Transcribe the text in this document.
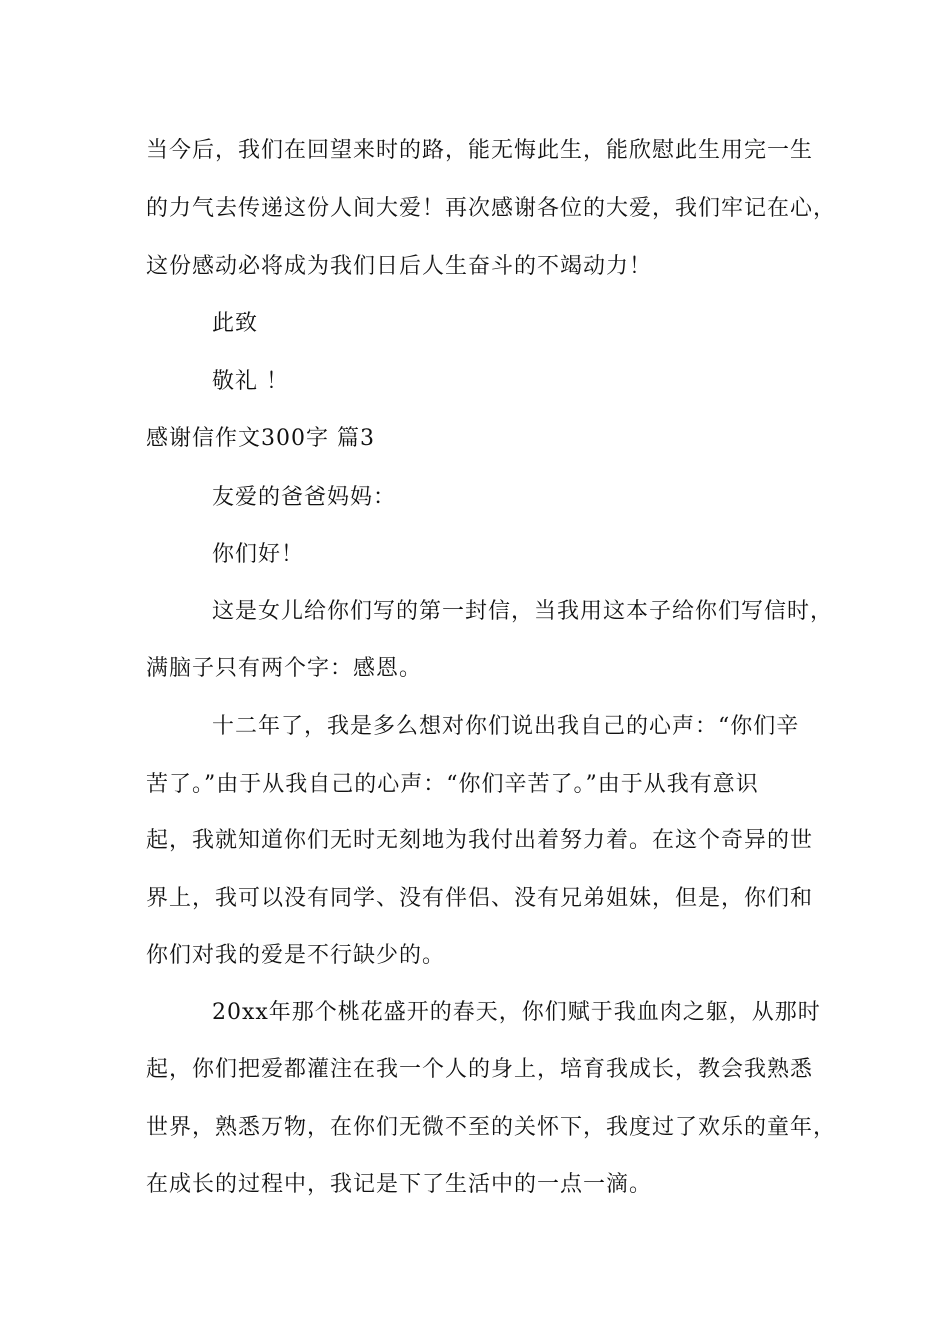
当今后，我们在回望来时的路，能无悔此生，能欣慰此生用完一生
的力气去传递这份人间大爱！再次感谢各位的大爱，我们牢记在心，
这份感动必将成为我们日后人生奋斗的不竭动力！
此致
敬礼 ！
感谢信作文300字 篇3
友爱的爸爸妈妈：
你们好！
这是女儿给你们写的第一封信，当我用这本子给你们写信时，
满脑子只有两个字：感恩。
十二年了，我是多么想对你们说出我自己的心声：“你们辛
苦了。”由于从我自己的心声：“你们辛苦了。”由于从我有意识
起，我就知道你们无时无刻地为我付出着努力着。在这个奇异的世
界上，我可以没有同学、没有伴侣、没有兄弟姐妹，但是，你们和
你们对我的爱是不行缺少的。
20xx年那个桃花盛开的春天，你们赋于我血肉之躯，从那时
起，你们把爱都灌注在我一个人的身上，培育我成长，教会我熟悉
世界，熟悉万物，在你们无微不至的关怀下，我度过了欢乐的童年，
在成长的过程中，我记是下了生活中的一点一滴。
